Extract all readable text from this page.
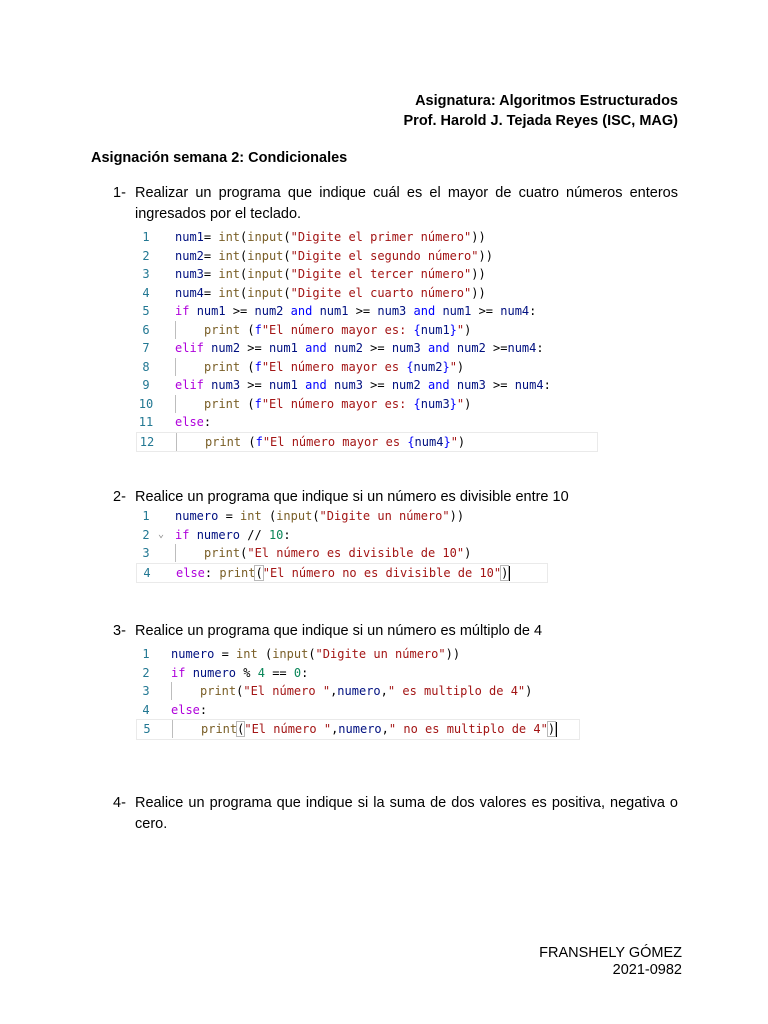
Asignatura: Algoritmos Estructurados
Prof. Harold J. Tejada Reyes (ISC, MAG)
Asignación semana 2: Condicionales
1- Realizar un programa que indique cuál es el mayor de cuatro números enteros ingresados por el teclado.
1	num1= int(input("Digite el primer número"))
2	num2= int(input("Digite el segundo número"))
3	num3= int(input("Digite el tercer número"))
4	num4= int(input("Digite el cuarto número"))
5	if num1 >= num2 and num1 >= num3 and num1 >= num4:
6	print (f"El número mayor es: {num1}")
7	elif num2 >= num1 and num2 >= num3 and num2 >=num4:
8	print (f"El número mayor es {num2}")
9	elif num3 >= num1 and num3 >= num2 and num3 >= num4:
10	print (f"El número mayor es: {num3}")
11 else:
12	print (f"El número mayor es {num4}")
2- Realice un programa que indique si un número es divisible entre 10
1	numero = int (input("Digite un número"))
2 ⌄ if numero // 10:
3	print("El número es divisible de 10")
4	else: print("El número no es divisible de 10")
3- Realice un programa que indique si un número es múltiplo de 4
1	numero = int (input("Digite un número"))
2	if numero % 4 == 0:
3	print("El número ",numero," es multiplo de 4")
4	else:
5	print("El número ",numero," no es multiplo de 4")
4- Realice un programa que indique si la suma de dos valores es positiva, negativa o cero.
FRANSHELY GÓMEZ
2021-0982
